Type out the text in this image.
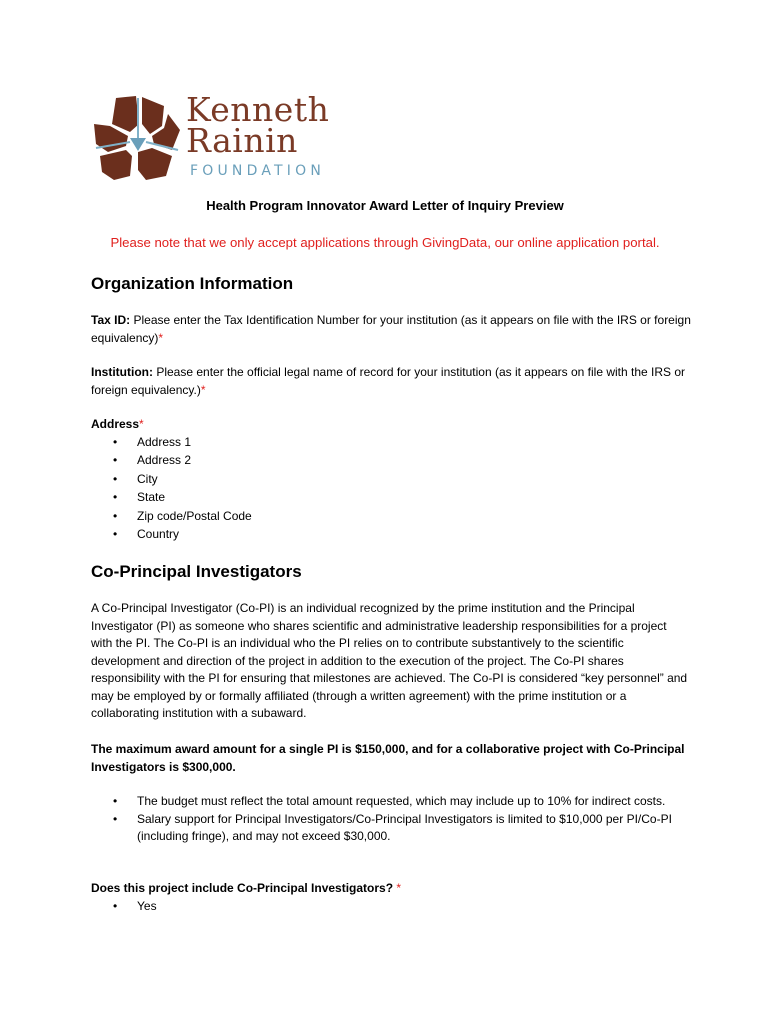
Kenneth
Rainin
FOUNDATION
Health Program Innovator Award Letter of Inquiry Preview
Please note that we only accept applications through GivingData, our online application portal.
Organization Information
Tax ID: Please enter the Tax Identification Number for your institution (as it appears on file with the IRS or foreign equivalency)*
Institution: Please enter the official legal name of record for your institution (as it appears on file with the IRS or foreign equivalency.)*
Address*
• Address 1
• Address 2
• City
• State
• Zip code/Postal Code
• Country
Co-Principal Investigators
A Co-Principal Investigator (Co-PI) is an individual recognized by the prime institution and the Principal Investigator (PI) as someone who shares scientific and administrative leadership responsibilities for a project with the PI. The Co-PI is an individual who the PI relies on to contribute substantively to the scientific development and direction of the project in addition to the execution of the project. The Co-PI shares responsibility with the PI for ensuring that milestones are achieved. The Co-PI is considered “key personnel” and may be employed by or formally affiliated (through a written agreement) with the prime institution or a collaborating institution with a subaward.
The maximum award amount for a single PI is $150,000, and for a collaborative project with Co-Principal Investigators is $300,000.
• The budget must reflect the total amount requested, which may include up to 10% for indirect costs.
• Salary support for Principal Investigators/Co-Principal Investigators is limited to $10,000 per PI/Co-PI (including fringe), and may not exceed $30,000.
Does this project include Co-Principal Investigators? *
• Yes
